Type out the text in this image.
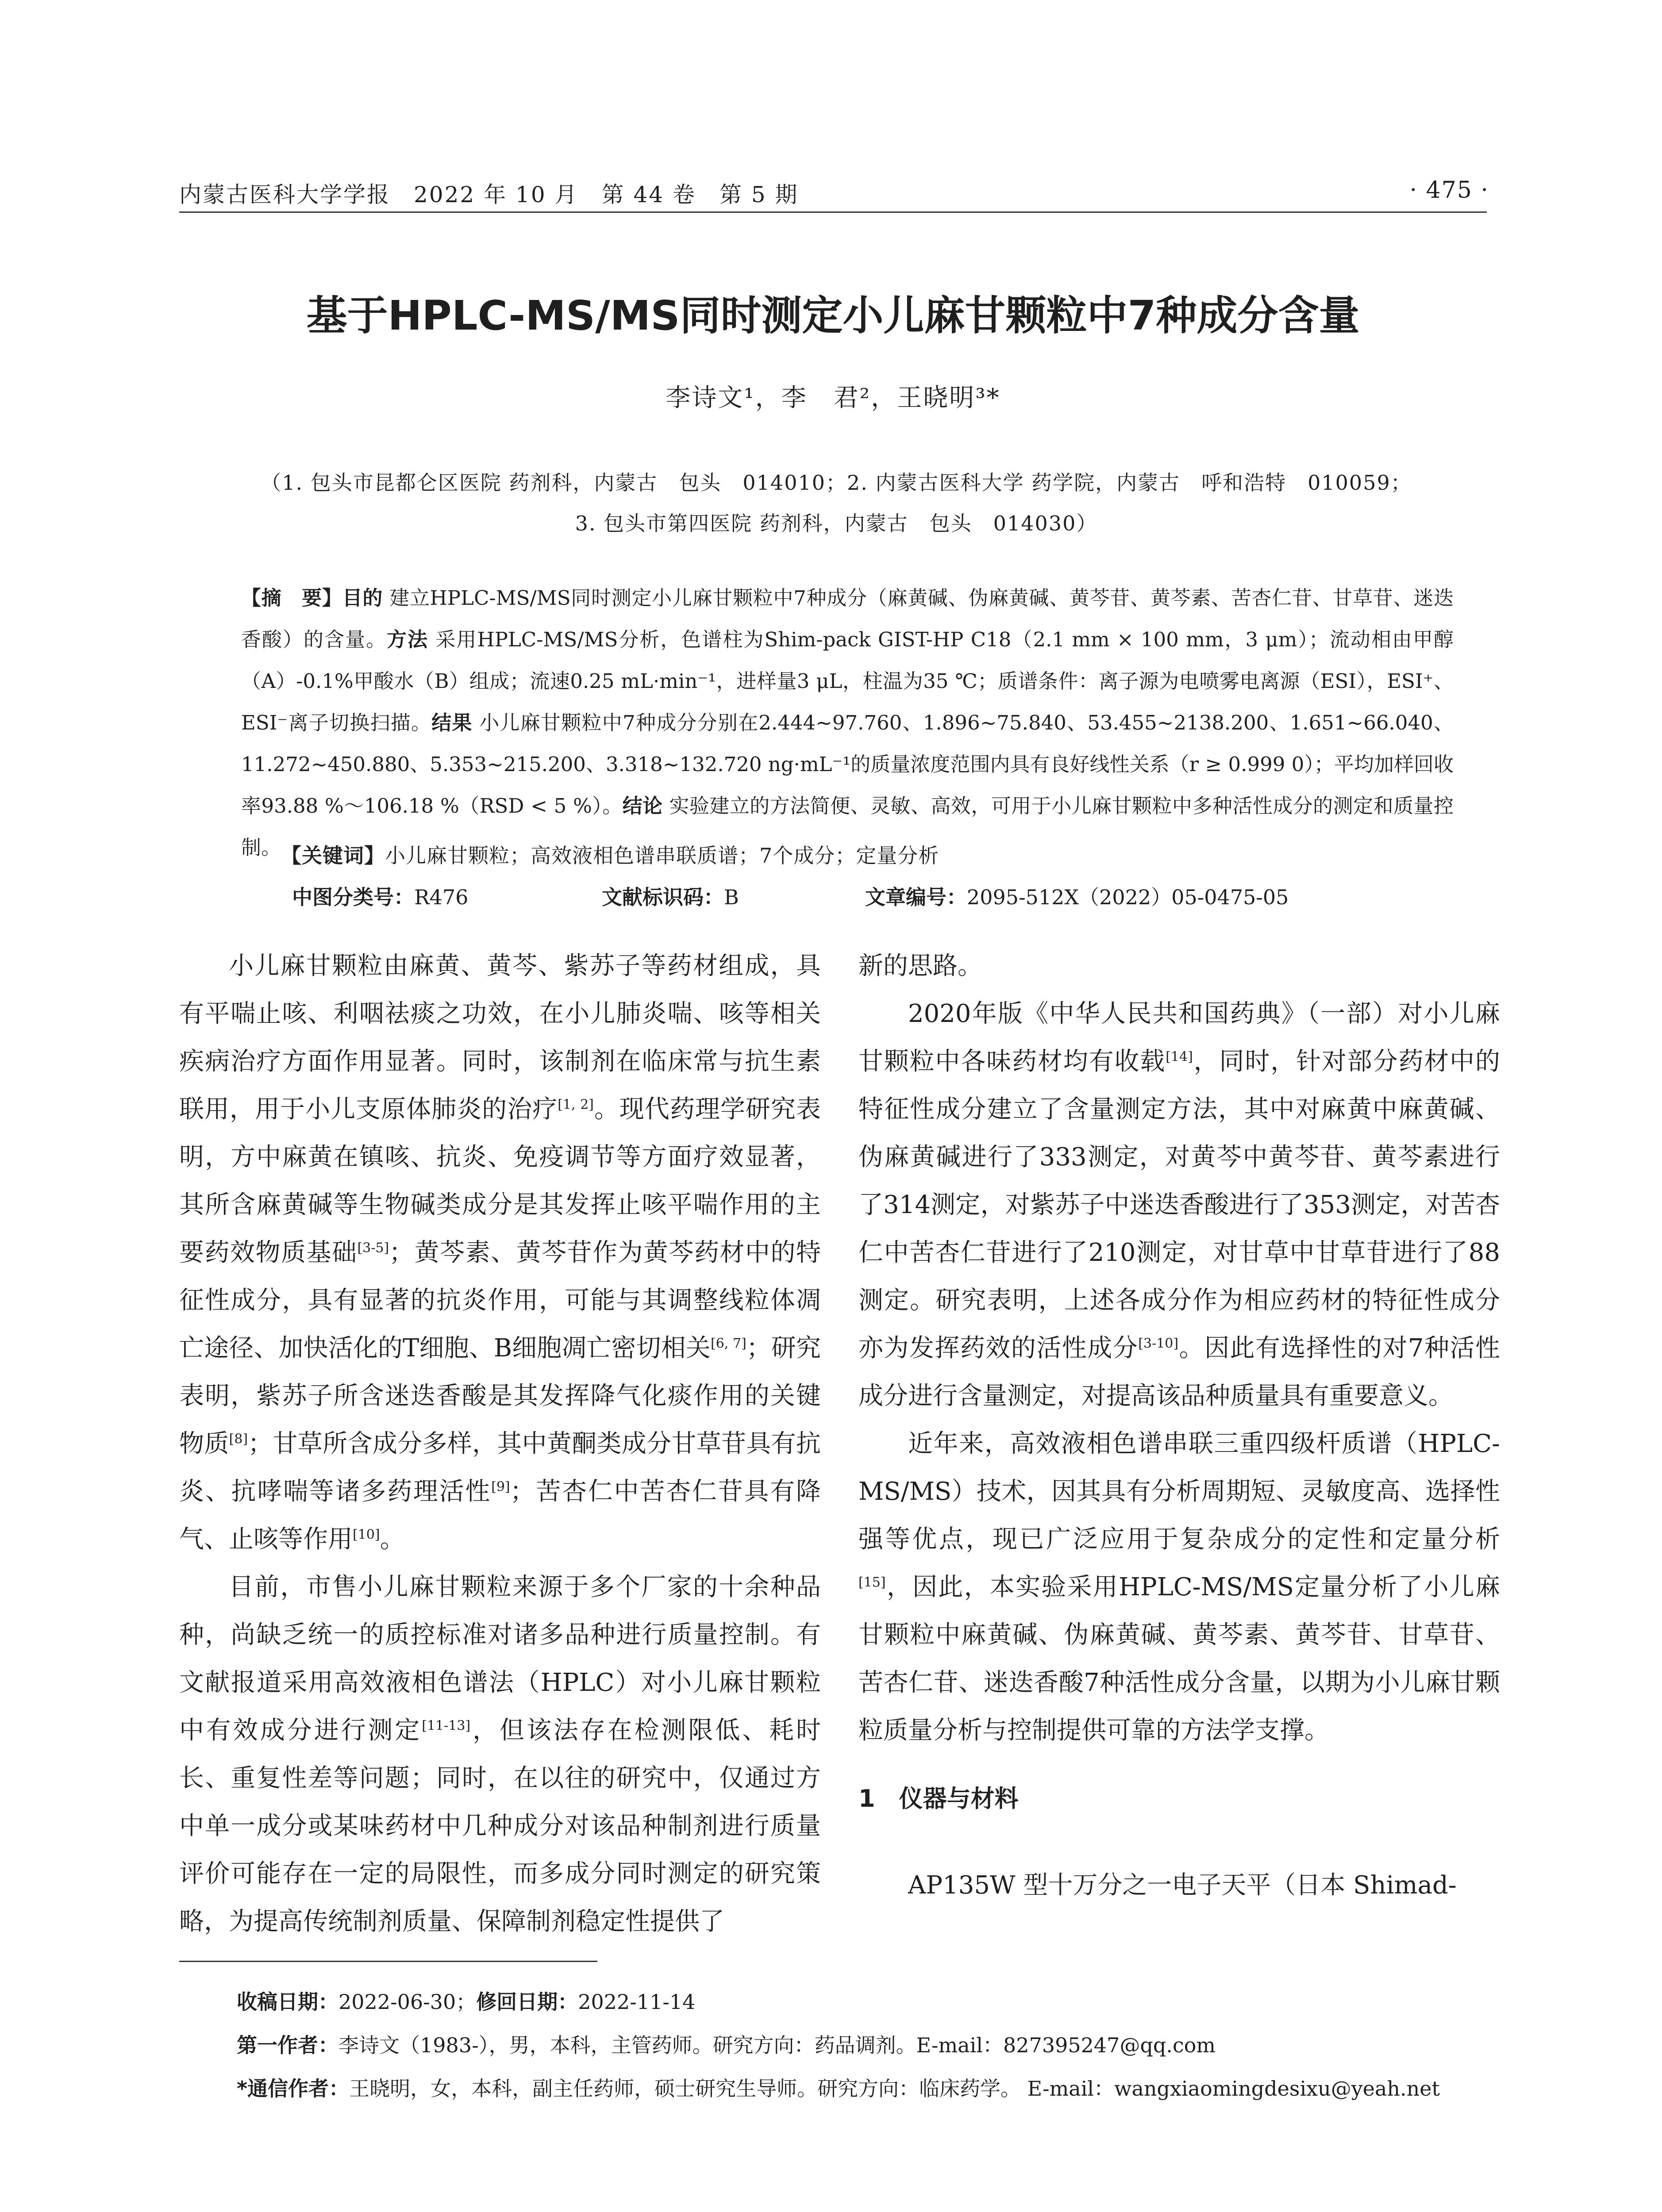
内蒙古医科大学学报　2022 年 10 月　第 44 卷　第 5 期	· 475 ·
基于HPLC-MS/MS同时测定小儿麻甘颗粒中7种成分含量
李诗文¹，李　君²，王晓明³*
（1. 包头市昆都仑区医院 药剂科，内蒙古　包头　014010；2. 内蒙古医科大学 药学院，内蒙古　呼和浩特　010059；
3. 包头市第四医院 药剂科，内蒙古　包头　014030）
【摘　要】目的 建立HPLC-MS/MS同时测定小儿麻甘颗粒中7种成分（麻黄碱、伪麻黄碱、黄芩苷、黄芩素、苦杏仁苷、甘草苷、迷迭香酸）的含量。方法 采用HPLC-MS/MS分析，色谱柱为Shim-pack GIST-HP C18（2.1 mm × 100 mm，3 μm）；流动相由甲醇（A）-0.1%甲酸水（B）组成；流速0.25 mL·min⁻¹，进样量3 μL，柱温为35 ℃；质谱条件：离子源为电喷雾电离源（ESI），ESI⁺、ESI⁻离子切换扫描。结果 小儿麻甘颗粒中7种成分分别在2.444~97.760、1.896~75.840、53.455~2138.200、1.651~66.040、11.272~450.880、5.353~215.200、3.318~132.720 ng·mL⁻¹的质量浓度范围内具有良好线性关系（r ≥ 0.999 0）；平均加样回收率93.88 %～106.18 %（RSD < 5 %）。结论 实验建立的方法简便、灵敏、高效，可用于小儿麻甘颗粒中多种活性成分的测定和质量控制。 【关键词】小儿麻甘颗粒；高效液相色谱串联质谱；7个成分；定量分析
中图分类号：R476	文献标识码：B	文章编号：2095-512X（2022）05-0475-05

小儿麻甘颗粒由麻黄、黄芩、紫苏子等药材组成，具有平喘止咳、利咽祛痰之功效，在小儿肺炎喘、咳等相关疾病治疗方面作用显著。同时，该制剂在临床常与抗生素联用，用于小儿支原体肺炎的治疗[1, 2]。现代药理学研究表明，方中麻黄在镇咳、抗炎、免疫调节等方面疗效显著，其所含麻黄碱等生物碱类成分是其发挥止咳平喘作用的主要药效物质基础[3-5]；黄芩素、黄芩苷作为黄芩药材中的特征性成分，具有显著的抗炎作用，可能与其调整线粒体凋亡途径、加快活化的T细胞、B细胞凋亡密切相关[6, 7]；研究表明，紫苏子所含迷迭香酸是其发挥降气化痰作用的关键物质[8]；甘草所含成分多样，其中黄酮类成分甘草苷具有抗炎、抗哮喘等诸多药理活性[9]；苦杏仁中苦杏仁苷具有降气、止咳等作用[10]。

目前，市售小儿麻甘颗粒来源于多个厂家的十余种品种，尚缺乏统一的质控标准对诸多品种进行质量控制。有文献报道采用高效液相色谱法（HPLC）对小儿麻甘颗粒中有效成分进行测定[11-13]，但该法存在检测限低、耗时长、重复性差等问题；同时，在以往的研究中，仅通过方中单一成分或某味药材中几种成分对该品种制剂进行质量评价可能存在一定的局限性，而多成分同时测定的研究策略，为提高传统制剂质量、保障制剂稳定性提供了

新的思路。

2020年版《中华人民共和国药典》（一部）对小儿麻甘颗粒中各味药材均有收载[14]，同时，针对部分药材中的特征性成分建立了含量测定方法，其中对麻黄中麻黄碱、伪麻黄碱进行了333测定，对黄芩中黄芩苷、黄芩素进行了314测定，对紫苏子中迷迭香酸进行了353测定，对苦杏仁中苦杏仁苷进行了210测定，对甘草中甘草苷进行了88测定。研究表明，上述各成分作为相应药材的特征性成分亦为发挥药效的活性成分[3-10]。因此有选择性的对7种活性成分进行含量测定，对提高该品种质量具有重要意义。

近年来，高效液相色谱串联三重四级杆质谱（HPLC-MS/MS）技术，因其具有分析周期短、灵敏度高、选择性强等优点，现已广泛应用于复杂成分的定性和定量分析[15]，因此，本实验采用HPLC-MS/MS定量分析了小儿麻甘颗粒中麻黄碱、伪麻黄碱、黄芩素、黄芩苷、甘草苷、苦杏仁苷、迷迭香酸7种活性成分含量，以期为小儿麻甘颗粒质量分析与控制提供可靠的方法学支撑。

1　仪器与材料

AP135W 型十万分之一电子天平（日本 Shimad-

收稿日期：2022-06-30；修回日期：2022-11-14

第一作者：李诗文（1983-），男，本科，主管药师。研究方向：药品调剂。E-mail：827395247@qq.com

*通信作者：王晓明，女，本科，副主任药师，硕士研究生导师。研究方向：临床药学。 E-mail：wangxiaomingdesixu@yeah.net
